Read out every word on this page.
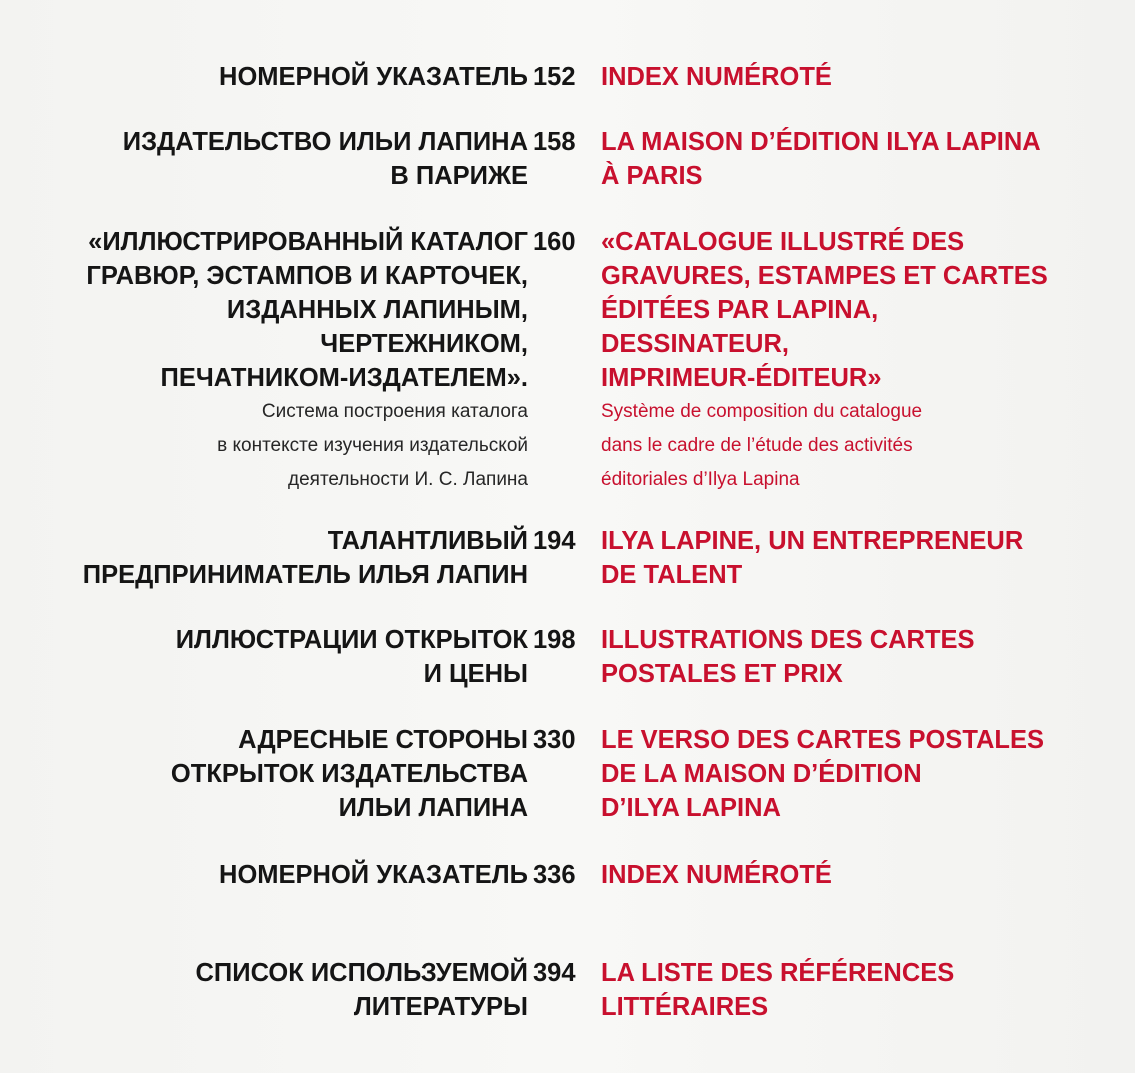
НОМЕРНОЙ УКАЗАТЕЛЬ 152 INDEX NUMÉROTÉ
ИЗДАТЕЛЬСТВО ИЛЬИ ЛАПИНА
В ПАРИЖЕ
158 LA MAISON D’ÉDITION ILYA LAPINA
À PARIS
«ИЛЛЮСТРИРОВАННЫЙ КАТАЛОГ
ГРАВЮР, ЭСТАМПОВ И КАРТОЧЕК,
ИЗДАННЫХ ЛАПИНЫМ,
ЧЕРТЕЖНИКОМ,
ПЕЧАТНИКОМ-ИЗДАТЕЛЕМ».
Система построения каталога
в контексте изучения издательской
деятельности И. С. Лапина
160 «CATALOGUE ILLUSTRÉ DES
GRAVURES, ESTAMPES ET CARTES
ÉDITÉES PAR LAPINA,
DESSINATEUR,
IMPRIMEUR-ÉDITEUR»
Système de composition du catalogue
dans le cadre de l’étude des activités
éditoriales d’Ilya Lapina
ТАЛАНТЛИВЫЙ
ПРЕДПРИНИМАТЕЛЬ ИЛЬЯ ЛАПИН
194 ILYA LAPINE, UN ENTREPRENEUR
DE TALENT
ИЛЛЮСТРАЦИИ ОТКРЫТОК
И ЦЕНЫ
198 ILLUSTRATIONS DES CARTES
POSTALES ET PRIX
АДРЕСНЫЕ СТОРОНЫ
ОТКРЫТОК ИЗДАТЕЛЬСТВА
ИЛЬИ ЛАПИНА
330 LE VERSO DES CARTES POSTALES
DE LA MAISON D’ÉDITION
D’ILYA LAPINA
НОМЕРНОЙ УКАЗАТЕЛЬ 336 INDEX NUMÉROTÉ
СПИСОК ИСПОЛЬЗУЕМОЙ
ЛИТЕРАТУРЫ
394 LA LISTE DES RÉFÉRENCES
LITTÉRAIRES
